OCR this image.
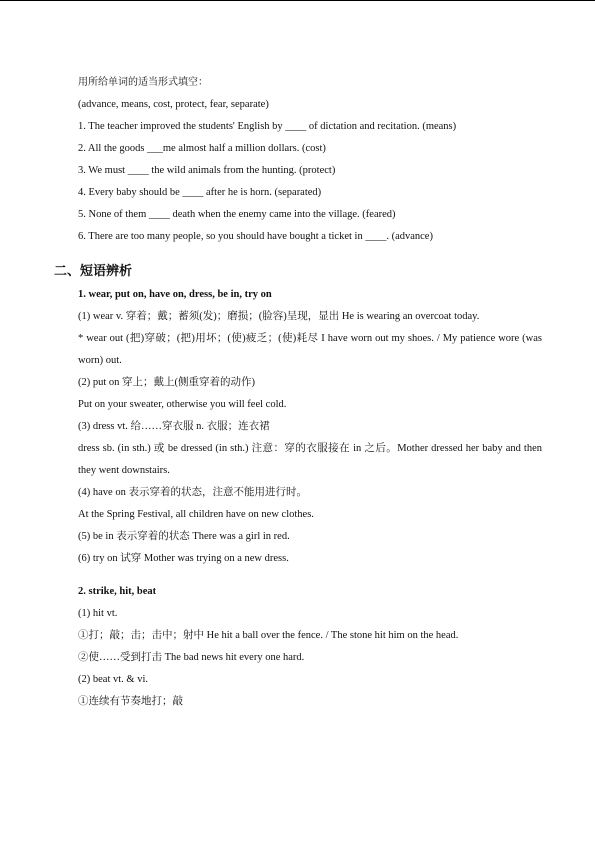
用所给单词的适当形式填空：

(advance, means, cost, protect, fear, separate)

1. The teacher improved the students' English by ____ of dictation and recitation. (means)

2. All the goods ___me almost half a million dollars. (cost)

3. We must ____ the wild animals from the hunting. (protect)

4. Every baby should be ____ after he is horn. (separated)

5. None of them ____ death when the enemy came into the village. (feared)

6. There are too many people, so you should have bought a ticket in ____. (advance)

二、短语辨析

1. wear, put on, have on, dress, be in, try on

(1) wear v. 穿着；戴；蓄须(发)；磨损；(脸容)呈现，显出 He is wearing an overcoat today.

* wear out (把)穿破；(把)用坏；(使)疲乏；(使)耗尽 I have worn out my shoes. / My patience wore (was worn) out.

(2) put on 穿上；戴上(侧重穿着的动作)

Put on your sweater, otherwise you will feel cold.

(3) dress vt. 给……穿衣服 n. 衣服；连衣裙

dress sb. (in sth.) 或 be dressed (in sth.) 注意：穿的衣服接在 in 之后。Mother dressed her baby and then they went downstairs.

(4) have on 表示穿着的状态，注意不能用进行时。

At the Spring Festival, all children have on new clothes.

(5) be in 表示穿着的状态 There was a girl in red.

(6) try on 试穿 Mother was trying on a new dress.

2. strike, hit, beat

(1) hit vt.

①打；敲；击；击中；射中 He hit a ball over the fence. / The stone hit him on the head.

②使……受到打击 The bad news hit every one hard.

(2) beat vt. & vi.

①连续有节奏地打；敲
